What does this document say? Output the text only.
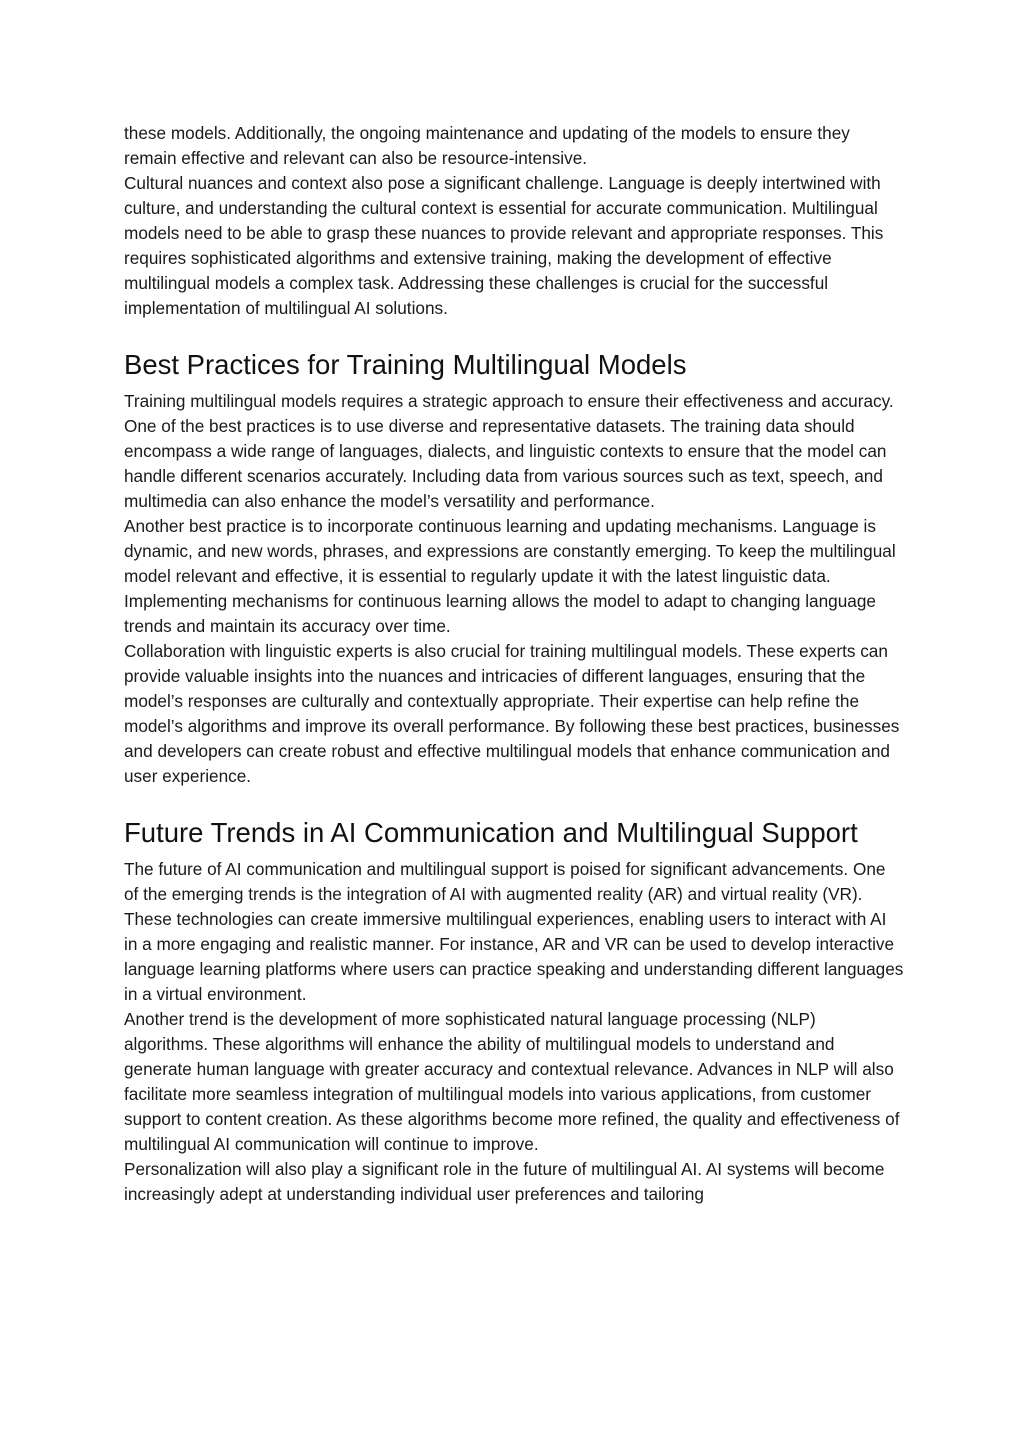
these models. Additionally, the ongoing maintenance and updating of the models to ensure they remain effective and relevant can also be resource-intensive.

Cultural nuances and context also pose a significant challenge. Language is deeply intertwined with culture, and understanding the cultural context is essential for accurate communication. Multilingual models need to be able to grasp these nuances to provide relevant and appropriate responses. This requires sophisticated algorithms and extensive training, making the development of effective multilingual models a complex task. Addressing these challenges is crucial for the successful implementation of multilingual AI solutions.

Best Practices for Training Multilingual Models

Training multilingual models requires a strategic approach to ensure their effectiveness and accuracy. One of the best practices is to use diverse and representative datasets. The training data should encompass a wide range of languages, dialects, and linguistic contexts to ensure that the model can handle different scenarios accurately. Including data from various sources such as text, speech, and multimedia can also enhance the model’s versatility and performance.

Another best practice is to incorporate continuous learning and updating mechanisms. Language is dynamic, and new words, phrases, and expressions are constantly emerging. To keep the multilingual model relevant and effective, it is essential to regularly update it with the latest linguistic data. Implementing mechanisms for continuous learning allows the model to adapt to changing language trends and maintain its accuracy over time.

Collaboration with linguistic experts is also crucial for training multilingual models. These experts can provide valuable insights into the nuances and intricacies of different languages, ensuring that the model’s responses are culturally and contextually appropriate. Their expertise can help refine the model’s algorithms and improve its overall performance. By following these best practices, businesses and developers can create robust and effective multilingual models that enhance communication and user experience.

Future Trends in AI Communication and Multilingual Support

The future of AI communication and multilingual support is poised for significant advancements. One of the emerging trends is the integration of AI with augmented reality (AR) and virtual reality (VR). These technologies can create immersive multilingual experiences, enabling users to interact with AI in a more engaging and realistic manner. For instance, AR and VR can be used to develop interactive language learning platforms where users can practice speaking and understanding different languages in a virtual environment.

Another trend is the development of more sophisticated natural language processing (NLP) algorithms. These algorithms will enhance the ability of multilingual models to understand and generate human language with greater accuracy and contextual relevance. Advances in NLP will also facilitate more seamless integration of multilingual models into various applications, from customer support to content creation. As these algorithms become more refined, the quality and effectiveness of multilingual AI communication will continue to improve.

Personalization will also play a significant role in the future of multilingual AI. AI systems will become increasingly adept at understanding individual user preferences and tailoring
